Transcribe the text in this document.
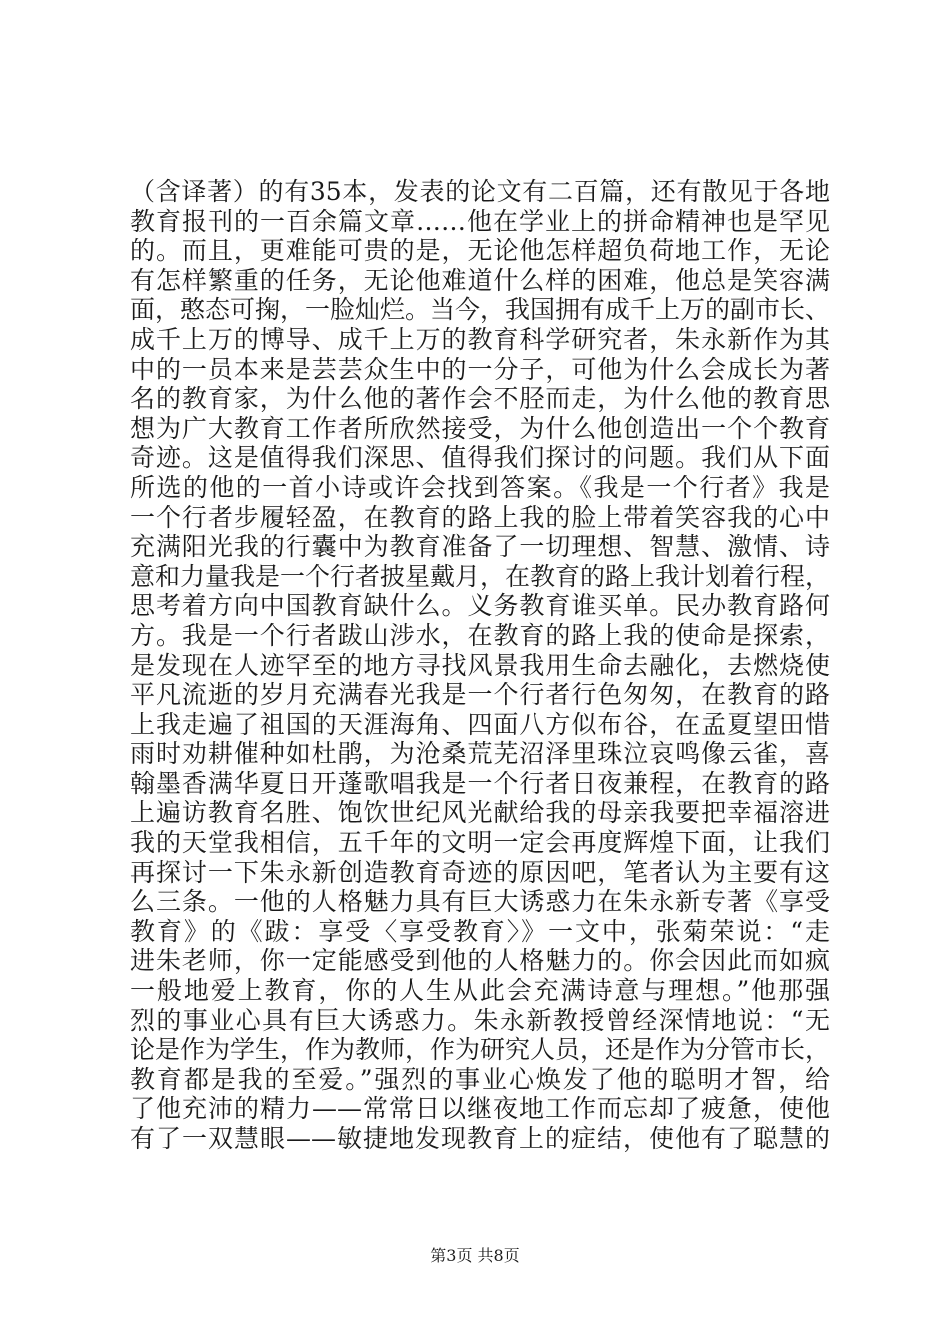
（含译著）的有35本，发表的论文有二百篇，还有散见于各地
教育报刊的一百余篇文章……他在学业上的拼命精神也是罕见
的。而且，更难能可贵的是，无论他怎样超负荷地工作，无论
有怎样繁重的任务，无论他难道什么样的困难，他总是笑容满
面，憨态可掬，一脸灿烂。当今，我国拥有成千上万的副市长、
成千上万的博导、成千上万的教育科学研究者，朱永新作为其
中的一员本来是芸芸众生中的一分子，可他为什么会成长为著
名的教育家，为什么他的著作会不胫而走，为什么他的教育思
想为广大教育工作者所欣然接受，为什么他创造出一个个教育
奇迹。这是值得我们深思、值得我们探讨的问题。我们从下面
所选的他的一首小诗或许会找到答案。《我是一个行者》我是
一个行者步履轻盈，在教育的路上我的脸上带着笑容我的心中
充满阳光我的行囊中为教育准备了一切理想、智慧、激情、诗
意和力量我是一个行者披星戴月，在教育的路上我计划着行程，
思考着方向中国教育缺什么。义务教育谁买单。民办教育路何
方。我是一个行者跋山涉水，在教育的路上我的使命是探索，
是发现在人迹罕至的地方寻找风景我用生命去融化，去燃烧使
平凡流逝的岁月充满春光我是一个行者行色匆匆，在教育的路
上我走遍了祖国的天涯海角、四面八方似布谷，在孟夏望田惜
雨时劝耕催种如杜鹃，为沧桑荒芜沼泽里珠泣哀鸣像云雀，喜
翰墨香满华夏日开蓬歌唱我是一个行者日夜兼程，在教育的路
上遍访教育名胜、饱饮世纪风光献给我的母亲我要把幸福溶进
我的天堂我相信，五千年的文明一定会再度辉煌下面，让我们
再探讨一下朱永新创造教育奇迹的原因吧，笔者认为主要有这
么三条。一他的人格魅力具有巨大诱惑力在朱永新专著《享受
教育》的《跋：享受〈享受教育〉》一文中，张菊荣说：“走
进朱老师，你一定能感受到他的人格魅力的。你会因此而如疯
一般地爱上教育，你的人生从此会充满诗意与理想。”他那强
烈的事业心具有巨大诱惑力。朱永新教授曾经深情地说：“无
论是作为学生，作为教师，作为研究人员，还是作为分管市长，
教育都是我的至爱。”强烈的事业心焕发了他的聪明才智，给
了他充沛的精力——常常日以继夜地工作而忘却了疲惫，使他
有了一双慧眼——敏捷地发现教育上的症结，使他有了聪慧的
第3页 共8页
